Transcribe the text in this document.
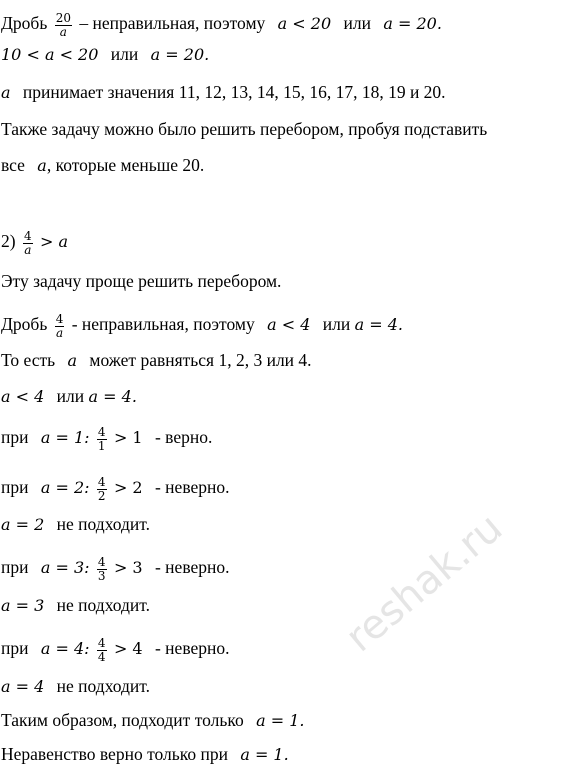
Дробь $\frac{20}{a}$ – неправильная, поэтому a < 20 или a = 20.
10 < a < 20 или a = 20.
a принимает значения 11, 12, 13, 14, 15, 16, 17, 18, 19 и 20.
Также задачу можно было решить перебором, пробуя подставить
все a, которые меньше 20.
$2) \frac{4}{a} > a$
Эту задачу проще решить перебором.
Дробь $\frac{4}{a}$ - неправильная, поэтому a < 4 или a = 4.
То есть a может равняться 1, 2, 3 или 4.
a < 4 или a = 4.
при a = 1: $\frac{4}{1} > 1$ - верно.
при a = 2: $\frac{4}{2} > 2$ - неверно.
a = 2 не подходит.
при a = 3: $\frac{4}{3} > 3$ - неверно.
a = 3 не подходит.
при a = 4: $\frac{4}{4} > 4$ - неверно.
a = 4 не подходит.
Таким образом, подходит только a = 1.
Неравенство верно только при a = 1.
reshak.ru
